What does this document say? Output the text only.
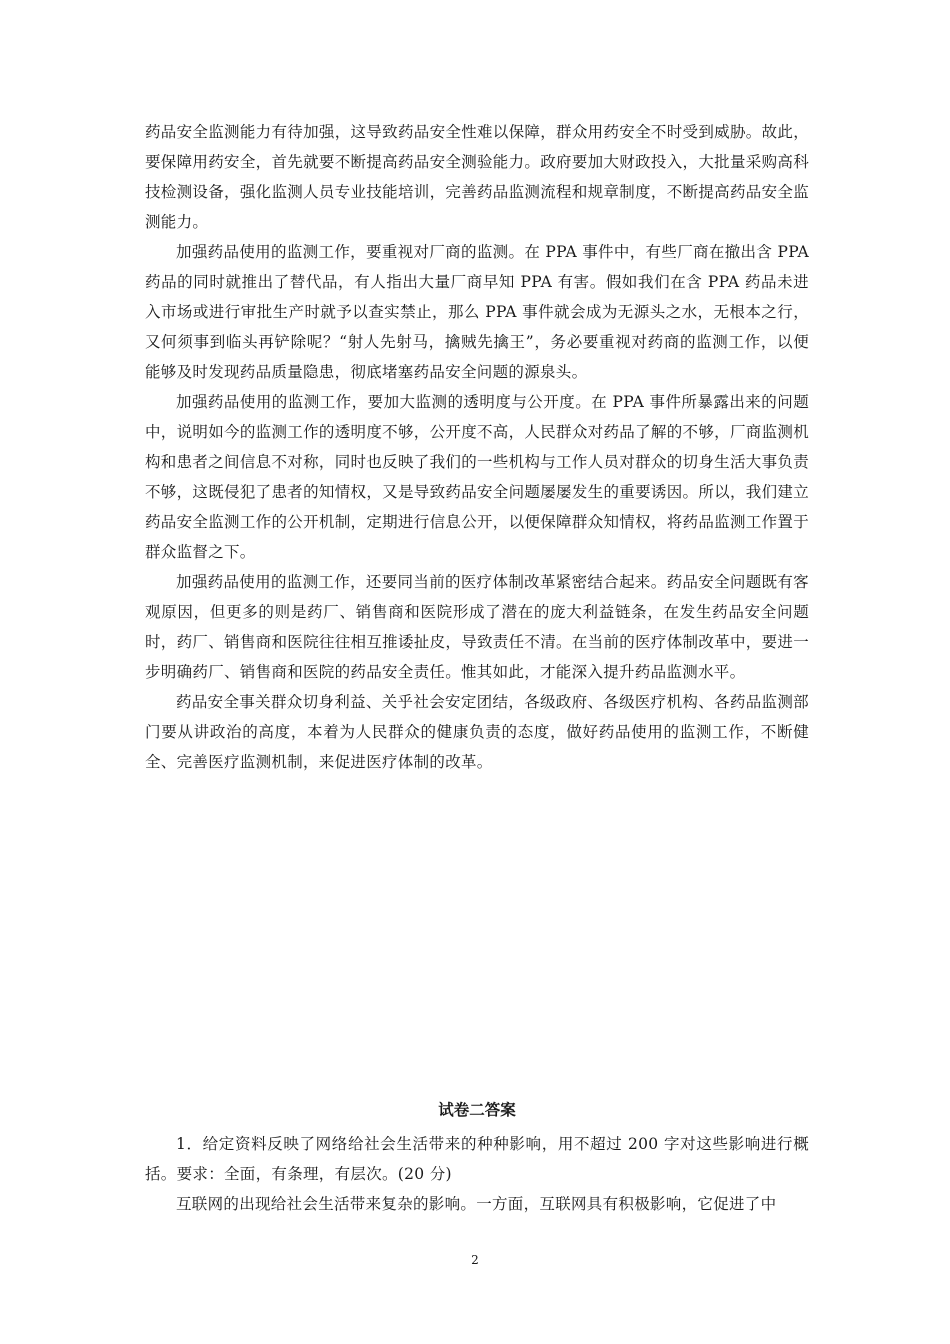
药品安全监测能力有待加强，这导致药品安全性难以保障，群众用药安全不时受到威胁。故此，要保障用药安全，首先就要不断提高药品安全测验能力。政府要加大财政投入，大批量采购高科技检测设备，强化监测人员专业技能培训，完善药品监测流程和规章制度，不断提高药品安全监测能力。

加强药品使用的监测工作，要重视对厂商的监测。在 PPA 事件中，有些厂商在撤出含 PPA 药品的同时就推出了替代品，有人指出大量厂商早知 PPA 有害。假如我们在含 PPA 药品未进入市场或进行审批生产时就予以查实禁止，那么 PPA 事件就会成为无源头之水，无根本之行，又何须事到临头再铲除呢？“射人先射马，擒贼先擒王”，务必要重视对药商的监测工作，以便能够及时发现药品质量隐患，彻底堵塞药品安全问题的源泉头。

加强药品使用的监测工作，要加大监测的透明度与公开度。在 PPA 事件所暴露出来的问题中，说明如今的监测工作的透明度不够，公开度不高，人民群众对药品了解的不够，厂商监测机构和患者之间信息不对称，同时也反映了我们的一些机构与工作人员对群众的切身生活大事负责不够，这既侵犯了患者的知情权，又是导致药品安全问题屡屡发生的重要诱因。所以，我们建立药品安全监测工作的公开机制，定期进行信息公开，以便保障群众知情权，将药品监测工作置于群众监督之下。

加强药品使用的监测工作，还要同当前的医疗体制改革紧密结合起来。药品安全问题既有客观原因，但更多的则是药厂、销售商和医院形成了潜在的庞大利益链条，在发生药品安全问题时，药厂、销售商和医院往往相互推诿扯皮，导致责任不清。在当前的医疗体制改革中，要进一步明确药厂、销售商和医院的药品安全责任。惟其如此，才能深入提升药品监测水平。

药品安全事关群众切身利益、关乎社会安定团结，各级政府、各级医疗机构、各药品监测部门要从讲政治的高度，本着为人民群众的健康负责的态度，做好药品使用的监测工作，不断健全、完善医疗监测机制，来促进医疗体制的改革。

试卷二答案

1．给定资料反映了网络给社会生活带来的种种影响，用不超过 200 字对这些影响进行概括。要求：全面，有条理，有层次。(20 分)

互联网的出现给社会生活带来复杂的影响。一方面，互联网具有积极影响，它促进了中

2
